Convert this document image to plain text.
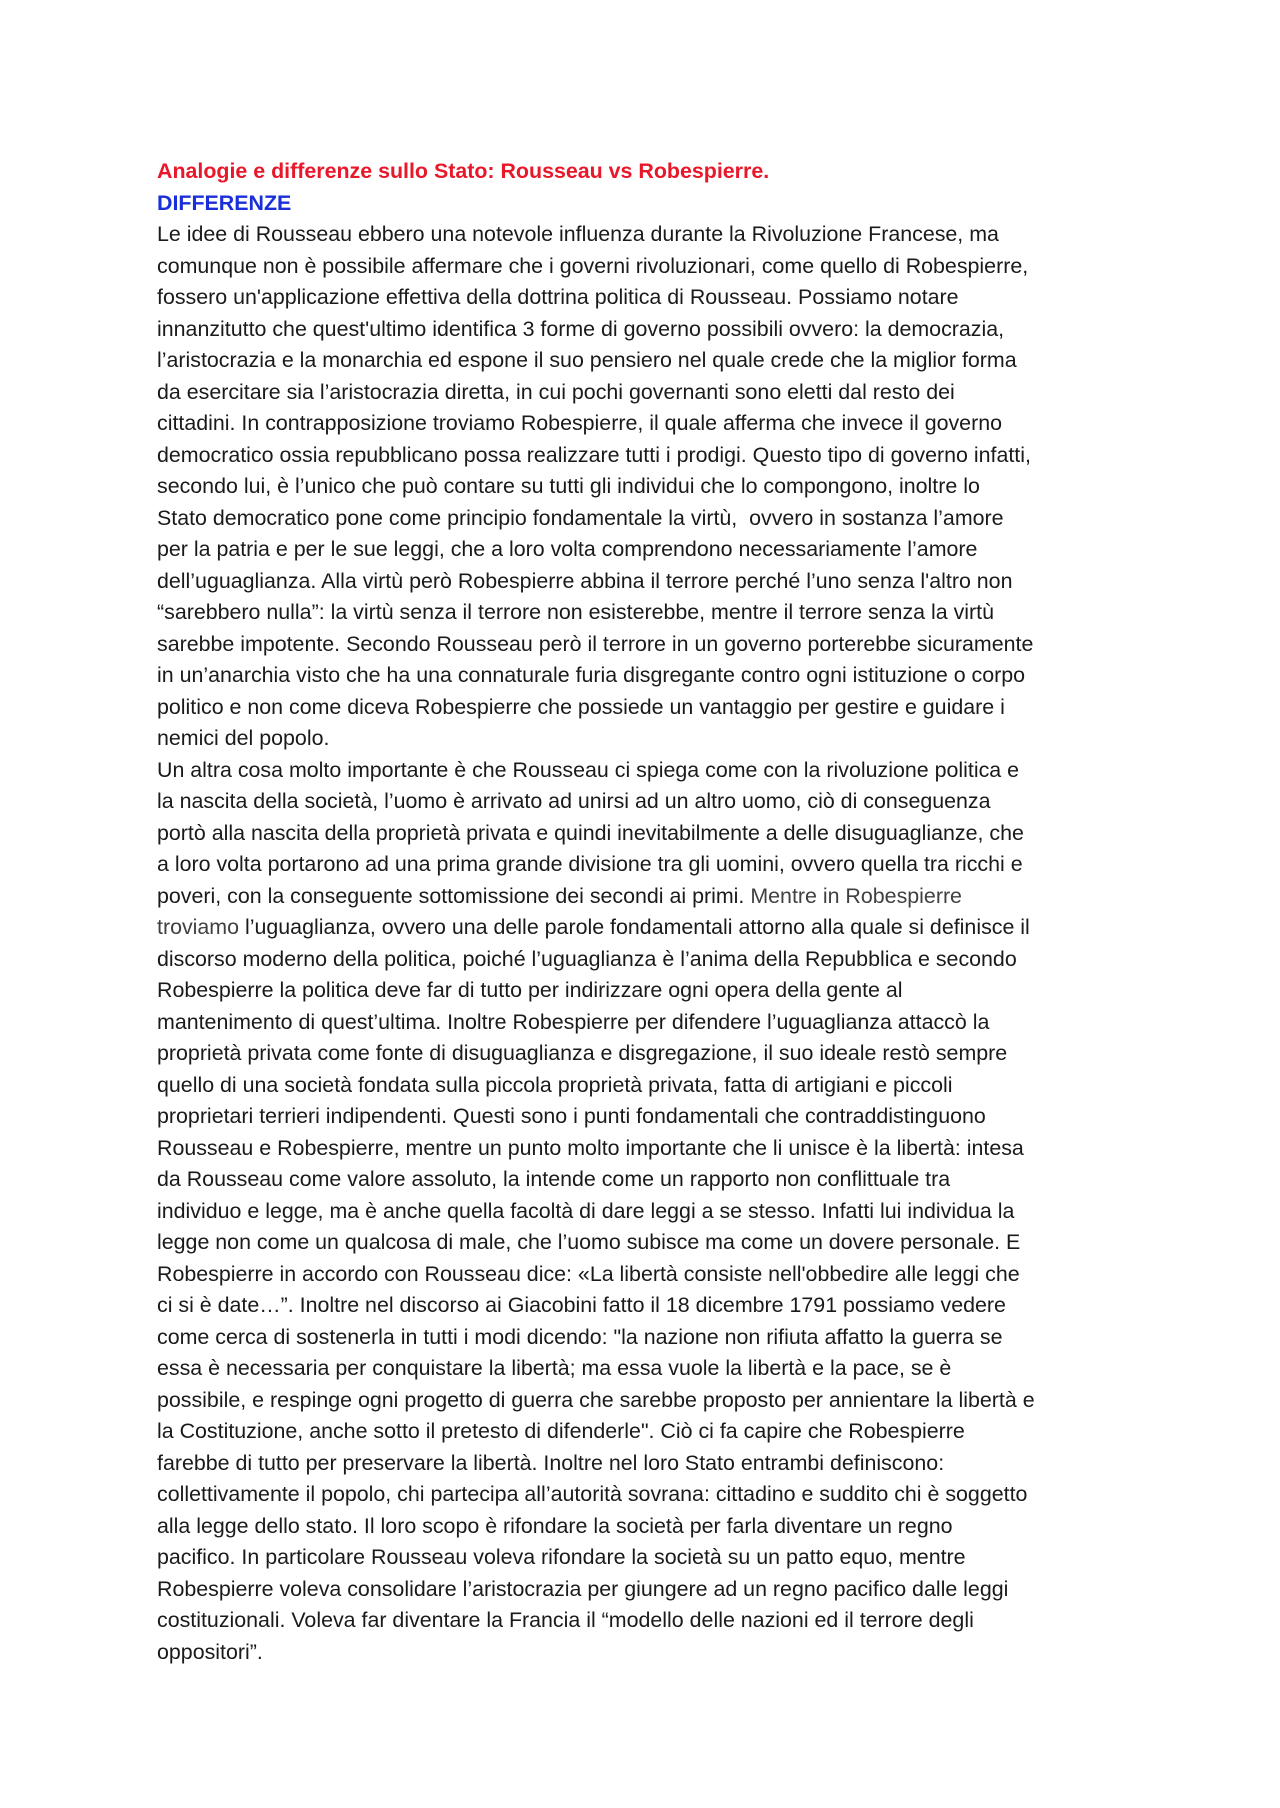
Analogie e differenze sullo Stato: Rousseau vs Robespierre.

DIFFERENZE

Le idee di Rousseau ebbero una notevole influenza durante la Rivoluzione Francese, ma
comunque non è possibile affermare che i governi rivoluzionari, come quello di Robespierre,
fossero un'applicazione effettiva della dottrina politica di Rousseau. Possiamo notare
innanzitutto che quest'ultimo identifica 3 forme di governo possibili ovvero: la democrazia,
l’aristocrazia e la monarchia ed espone il suo pensiero nel quale crede che la miglior forma
da esercitare sia l’aristocrazia diretta, in cui pochi governanti sono eletti dal resto dei
cittadini. In contrapposizione troviamo Robespierre, il quale afferma che invece il governo
democratico ossia repubblicano possa realizzare tutti i prodigi. Questo tipo di governo infatti,
secondo lui, è l’unico che può contare su tutti gli individui che lo compongono, inoltre lo
Stato democratico pone come principio fondamentale la virtù,  ovvero in sostanza l’amore
per la patria e per le sue leggi, che a loro volta comprendono necessariamente l’amore
dell’uguaglianza. Alla virtù però Robespierre abbina il terrore perché l’uno senza l'altro non
“sarebbero nulla”: la virtù senza il terrore non esisterebbe, mentre il terrore senza la virtù
sarebbe impotente. Secondo Rousseau però il terrore in un governo porterebbe sicuramente
in un’anarchia visto che ha una connaturale furia disgregante contro ogni istituzione o corpo
politico e non come diceva Robespierre che possiede un vantaggio per gestire e guidare i
nemici del popolo.

Un altra cosa molto importante è che Rousseau ci spiega come con la rivoluzione politica e
la nascita della società, l’uomo è arrivato ad unirsi ad un altro uomo, ciò di conseguenza
portò alla nascita della proprietà privata e quindi inevitabilmente a delle disuguaglianze, che
a loro volta portarono ad una prima grande divisione tra gli uomini, ovvero quella tra ricchi e
poveri, con la conseguente sottomissione dei secondi ai primi. Mentre in Robespierre
troviamo l’uguaglianza, ovvero una delle parole fondamentali attorno alla quale si definisce il
discorso moderno della politica, poiché l’uguaglianza è l’anima della Repubblica e secondo
Robespierre la politica deve far di tutto per indirizzare ogni opera della gente al
mantenimento di quest’ultima. Inoltre Robespierre per difendere l’uguaglianza attaccò la
proprietà privata come fonte di disuguaglianza e disgregazione, il suo ideale restò sempre
quello di una società fondata sulla piccola proprietà privata, fatta di artigiani e piccoli
proprietari terrieri indipendenti. Questi sono i punti fondamentali che contraddistinguono
Rousseau e Robespierre, mentre un punto molto importante che li unisce è la libertà: intesa
da Rousseau come valore assoluto, la intende come un rapporto non conflittuale tra
individuo e legge, ma è anche quella facoltà di dare leggi a se stesso. Infatti lui individua la
legge non come un qualcosa di male, che l’uomo subisce ma come un dovere personale. E
Robespierre in accordo con Rousseau dice: «La libertà consiste nell'obbedire alle leggi che
ci si è date…”. Inoltre nel discorso ai Giacobini fatto il 18 dicembre 1791 possiamo vedere
come cerca di sostenerla in tutti i modi dicendo: "la nazione non rifiuta affatto la guerra se
essa è necessaria per conquistare la libertà; ma essa vuole la libertà e la pace, se è
possibile, e respinge ogni progetto di guerra che sarebbe proposto per annientare la libertà e
la Costituzione, anche sotto il pretesto di difenderle". Ciò ci fa capire che Robespierre
farebbe di tutto per preservare la libertà. Inoltre nel loro Stato entrambi definiscono:
collettivamente il popolo, chi partecipa all’autorità sovrana: cittadino e suddito chi è soggetto
alla legge dello stato. Il loro scopo è rifondare la società per farla diventare un regno
pacifico. In particolare Rousseau voleva rifondare la società su un patto equo, mentre
Robespierre voleva consolidare l’aristocrazia per giungere ad un regno pacifico dalle leggi
costituzionali. Voleva far diventare la Francia il “modello delle nazioni ed il terrore degli
oppositori”.
